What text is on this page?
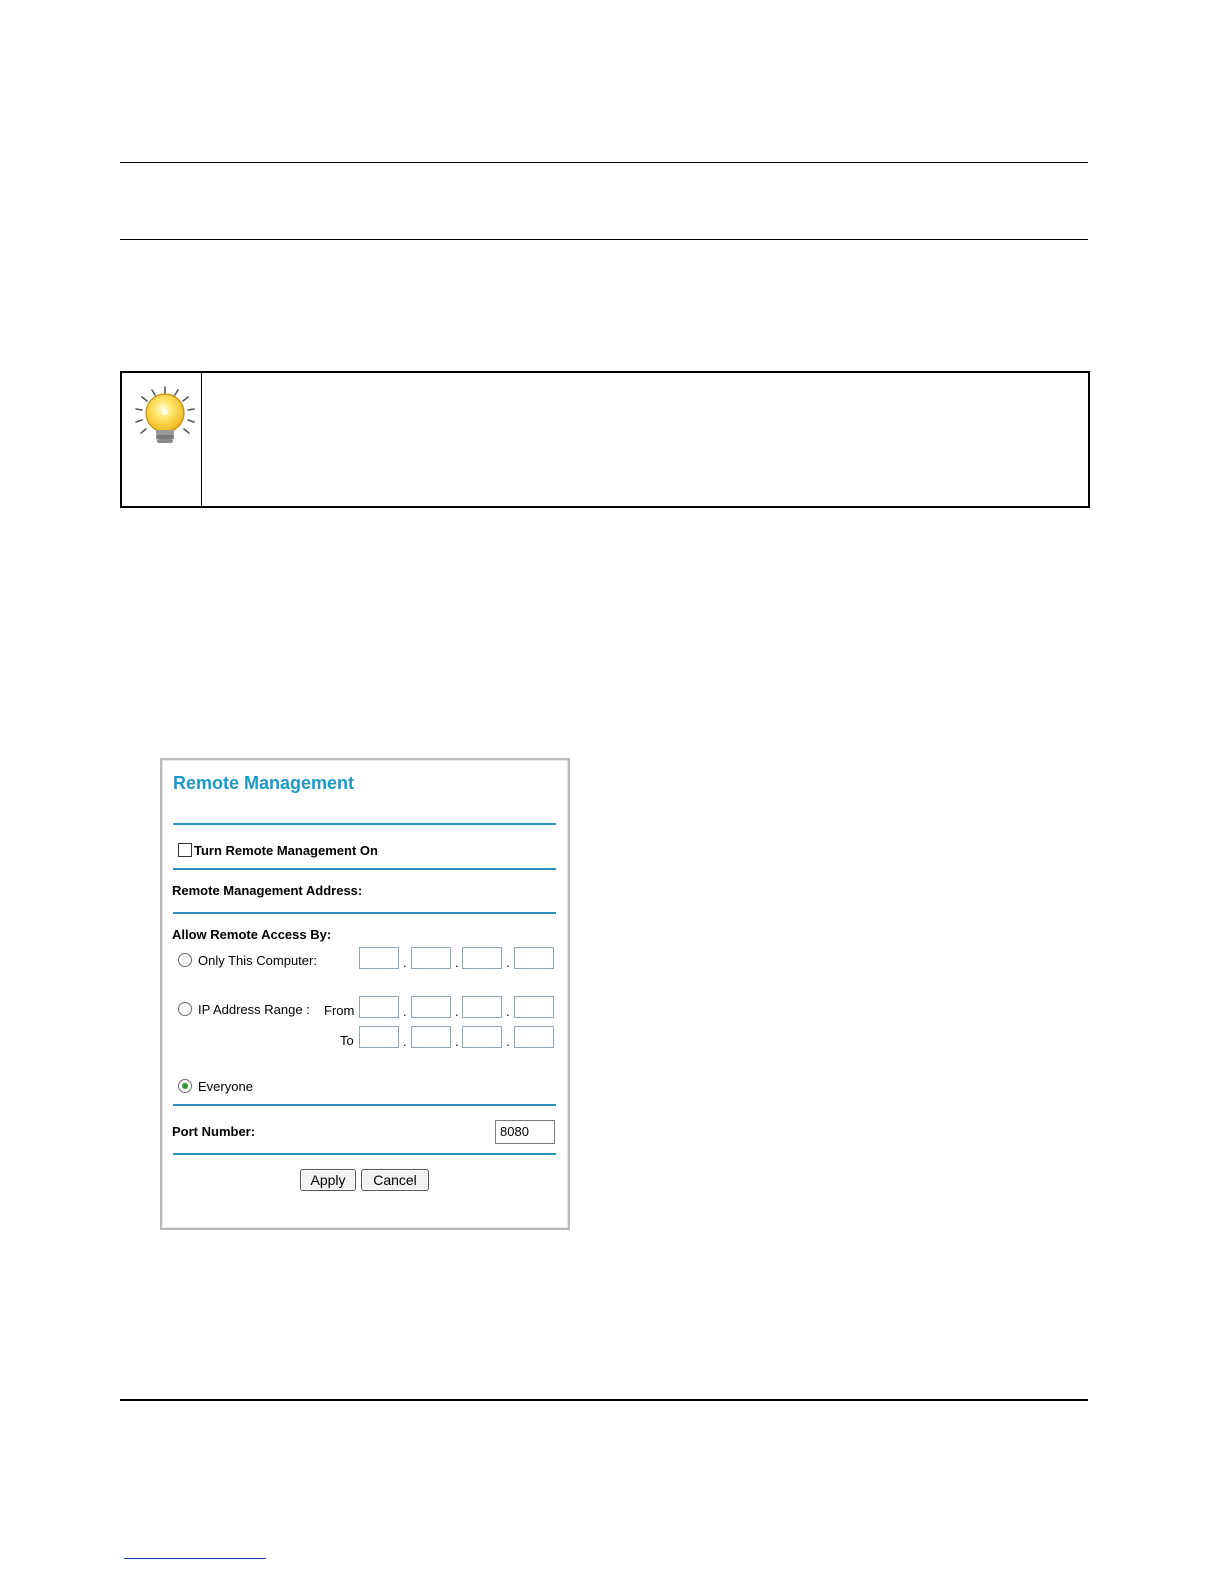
Remote Management
Turn Remote Management On
Remote Management Address:
Allow Remote Access By:
Only This Computer:	.	.	.
IP Address Range : From	.	.	.
To	.	.	.
Everyone
Port Number:	8080
Apply	Cancel
